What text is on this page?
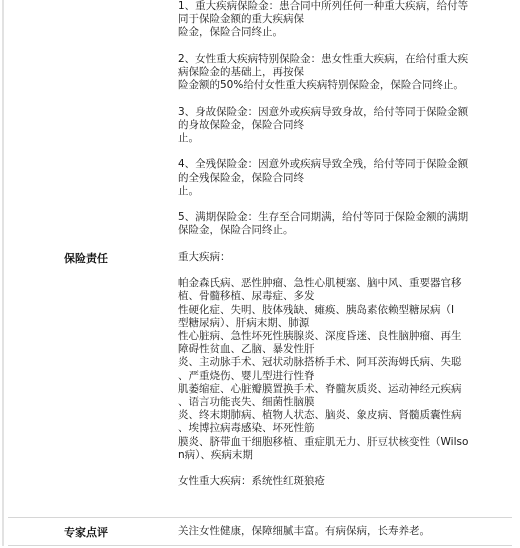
保险责任

1、重大疾病保险金：患合同中所列任何一种重大疾病，给付等

同于保险金额的重大疾病保

险金，保险合同终止。

2、女性重大疾病特别保险金：患女性重大疾病，在给付重大疾

病保险金的基础上，再按保

险金额的50%给付女性重大疾病特别保险金，保险合同终止。

3、身故保险金：因意外或疾病导致身故，给付等同于保险金额

的身故保险金，保险合同终

止。

4、全残保险金：因意外或疾病导致全残，给付等同于保险金额

的全残保险金，保险合同终

止。

5、满期保险金：生存至合同期满，给付等同于保险金额的满期

保险金，保险合同终止。

重大疾病：

帕金森氏病、恶性肿瘤、急性心肌梗塞、脑中风、重要器官移

植、骨髓移植、尿毒症、多发

性硬化症、失明、肢体残缺、瘫痪、胰岛素依赖型糖尿病（Ⅰ

型糖尿病）、肝病末期、肺源

性心脏病、急性坏死性胰腺炎、深度昏迷、良性脑肿瘤、再生

障碍性贫血、乙脑、暴发性肝

炎、主动脉手术、冠状动脉搭桥手术、阿耳茨海姆氏病、失聪

、严重烧伤、婴儿型进行性脊

肌萎缩症、心脏瓣膜置换手术、脊髓灰质炎、运动神经元疾病

、语言功能丧失、细菌性脑膜

炎、终末期肺病、植物人状态、脑炎、象皮病、肾髓质囊性病

、埃博拉病毒感染、坏死性筋

膜炎、脐带血干细胞移植、重症肌无力、肝豆状核变性（Wilso

n病）、疾病末期

女性重大疾病：系统性红斑狼疮

专家点评	关注女性健康，保障细腻丰富。有病保病，长寿养老。
